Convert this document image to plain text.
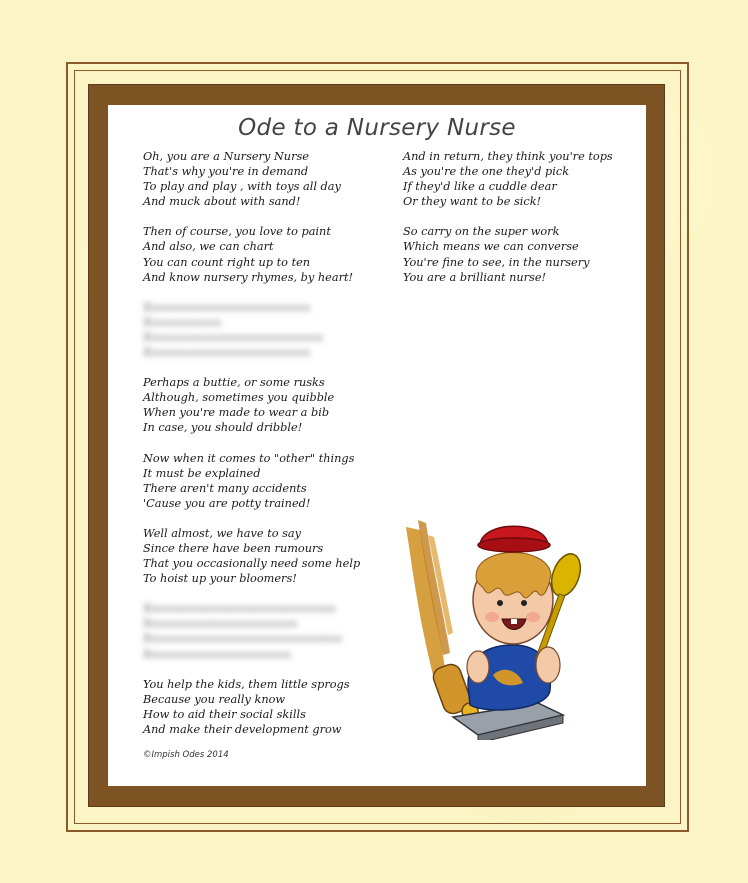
Ode to a Nursery Nurse
Oh, you are a Nursery Nurse
That's why you're in demand
To play and play , with toys all day
And muck about with sand!
Then of course, you love to paint
And also, we can chart
You can count right up to ten
And know nursery rhymes, by heart!
Xxxxxxxxxxxxxxxxxxxxxxxxxx
Xxxxxxxxxxxx
Xxxxxxxxxxxxxxxxxxxxxxxxxxxx
Xxxxxxxxxxxxxxxxxxxxxxxxxx
Perhaps a buttie, or some rusks
Although, sometimes you quibble
When you're made to wear a bib
In case, you should dribble!
Now when it comes to "other" things
It must be explained
There aren't many accidents
'Cause you are potty trained!
Well almost, we have to say
Since there have been rumours
That you occasionally need some help
To hoist up your bloomers!
Xxxxxxxxxxxxxxxxxxxxxxxxxxxxxx
Xxxxxxxxxxxxxxxxxxxxxxxx
Xxxxxxxxxxxxxxxxxxxxxxxxxxxxxxx
Xxxxxxxxxxxxxxxxxxxxxxx
You help the kids, them little sprogs
Because you really know
How to aid their social skills
And make their development grow
And in return, they think you're tops
As you're the one they'd pick
If they'd like a cuddle dear
Or they want to be sick!
So carry on the super work
Which means we can converse
You're fine to see, in the nursery
You are a brilliant nurse!
©Impish Odes 2014
